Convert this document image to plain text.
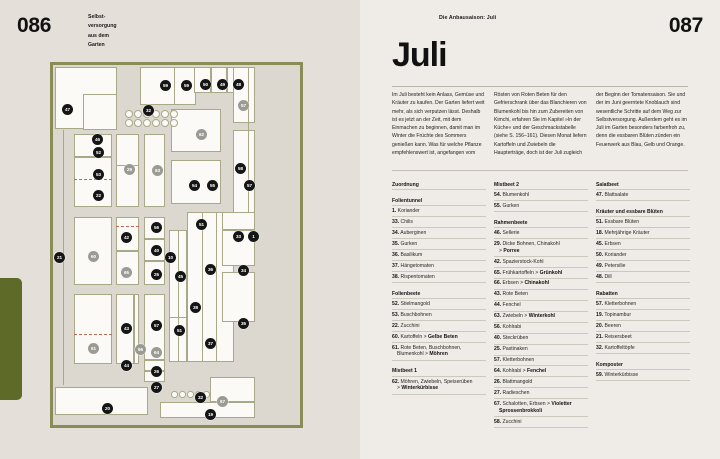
086	Selbst-
versorgung
aus dem
Garten
47
46
59	59	50	49	48
57
32
62
52
53
22
29	63
54	55
58
57
51
33	1
21	60
42
65
56
40
25
10
45
36	34
38
35
51
37
61
43
66
44
57
64
26
27
20
32
67
19
Die Anbausaison: Juli	087
Juli

Im Juli besteht kein Anlass, Gemüse und Kräuter zu kaufen. Der Garten liefert weit mehr, als sich verputzen lässt. Deshalb ist es jetzt an der Zeit, mit dem Einmachen zu beginnen, damit man im Winter die Früchte des Sommers genießen kann. Was für welche Pflanze empfehlenswert ist, angefangen vom

Rösten von Roten Beten für den Gefrierschrank über das Blanchieren von Blumenkohl bis hin zum Zubereiten von Kimchi, erfahren Sie im Kapitel »In der Küche« und der Geschmackstabelle (siehe S. 156–161). Diesen Monat liefern Kartoffeln und Zwiebeln die Haupterträge, doch ist der Juli zugleich

der Beginn der Tomatensaison. Sie und der im Juni geerntete Knoblauch sind wesentliche Schritte auf dem Weg zur Selbstversorgung. Außerdem geht es im Juli im Garten besonders farbenfroh zu, denn die essbaren Blüten zünden ein Feuerwerk aus Blau, Gelb und Orange.

Zuordnung
Folientunnel
1. Koriander
33. Chilis
34. Auberginen
35. Gurken
36. Basilikum
37. Hängetomaten
38. Rispentomaten
Folienbeete
52. Stielmangold
53. Buschbohnen
22. Zucchini
60. Kartoffeln > Gelbe Beten
61. Rote Beten, Buschbohnen,
Blumenkohl > Möhren
Mistbeet 1
62. Möhren, Zwiebeln, Speiserüben
> Winterkürbisse
Mistbeet 2
54. Blumenkohl
55. Gurken
Rahmenbeete
46. Sellerie
29. Dicke Bohnen, Chinakohl
> Porree
42. Spazierstock-Kohl
65. Frühkartoffeln > Grünkohl
66. Erbsen > Chinakohl
43. Rote Beten
44. Fenchel
63. Zwiebeln > Winterkohl
56. Kohlrabi
40. Steckrüben
25. Pastinaken
57. Kletterbohnen
64. Kohlrabi > Fenchel
26. Blattmangold
27. Radieschen
67. Schalotten, Erbsen > Violetter
Sprossenbrokkoli
58. Zucchini
Salatbeet
47. Blattsalate
Kräuter und essbare Blüten
51. Essbare Blüten
18. Mehrjährige Kräuter
45. Erbsen
50. Koriander
49. Petersilie
48. Dill
Rabatten
57. Kletterbohnen
19. Topinambur
20. Beeren
21. Reisersbeet
32. Kartoffeltöpfe
Komposter
59. Winterkürbisse
